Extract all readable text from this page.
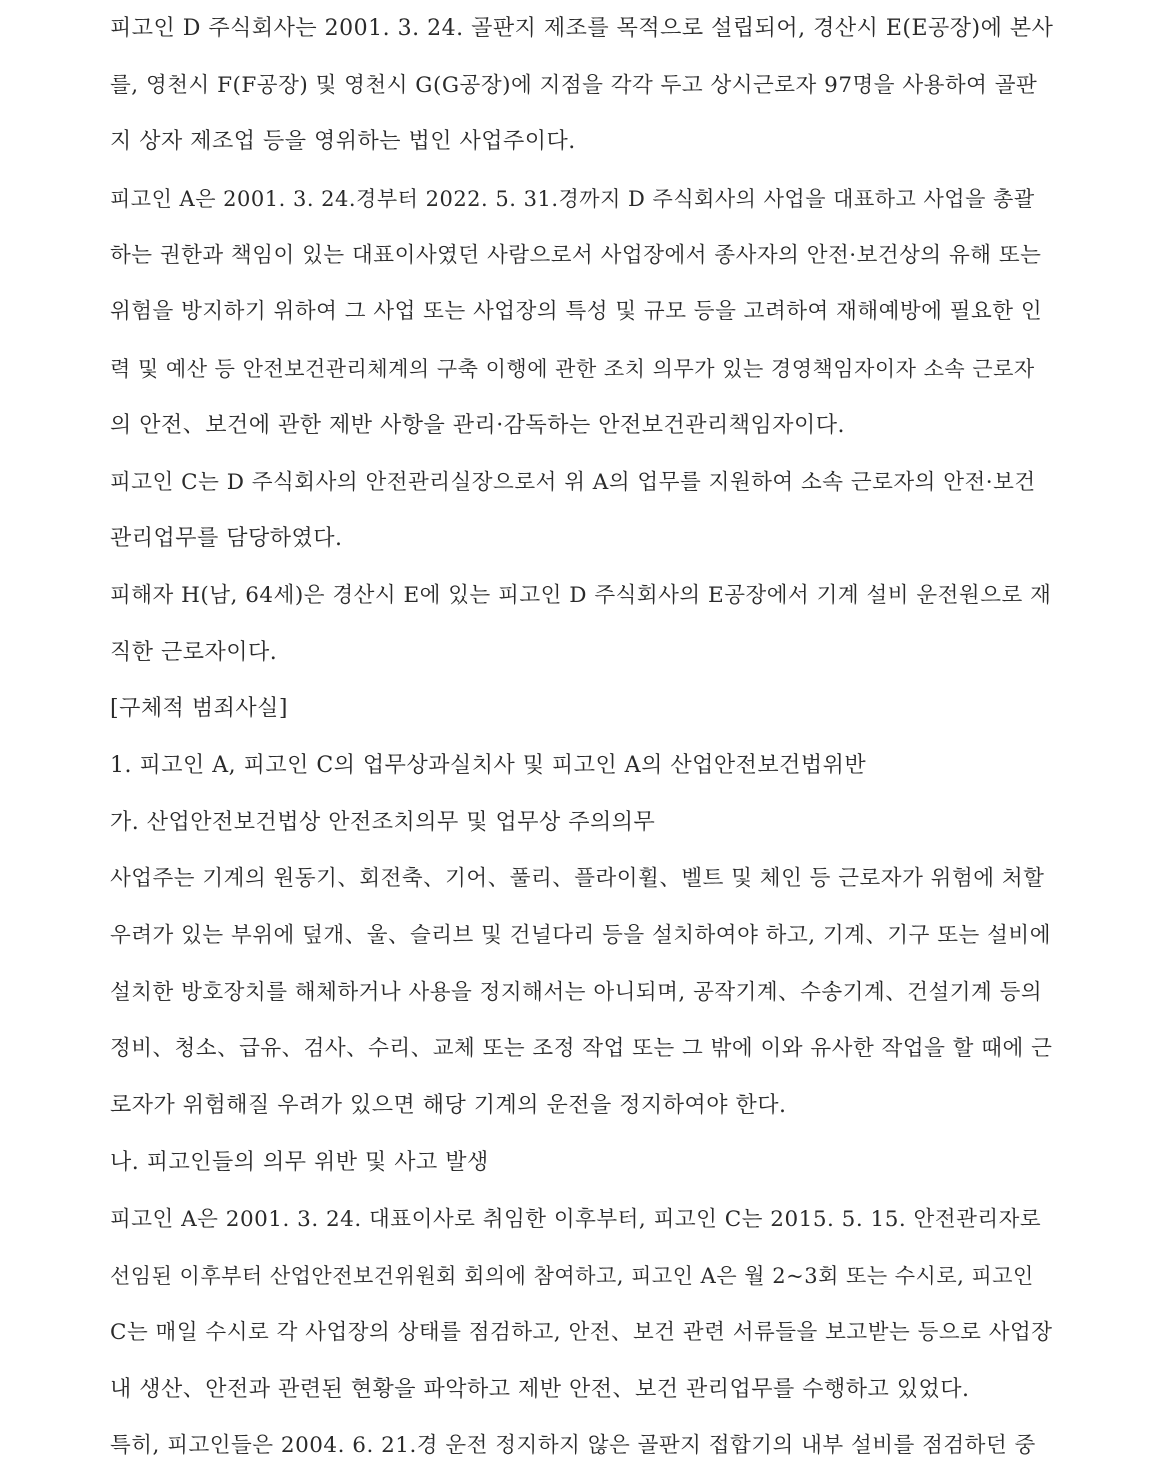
피고인 D 주식회사는 2001. 3. 24. 골판지 제조를 목적으로 설립되어, 경산시 E(E공장)에 본사
를, 영천시 F(F공장) 및 영천시 G(G공장)에 지점을 각각 두고 상시근로자 97명을 사용하여 골판
지 상자 제조업 등을 영위하는 법인 사업주이다.
피고인 A은 2001. 3. 24.경부터 2022. 5. 31.경까지 D 주식회사의 사업을 대표하고 사업을 총괄
하는 권한과 책임이 있는 대표이사였던 사람으로서 사업장에서 종사자의 안전·보건상의 유해 또는
위험을 방지하기 위하여 그 사업 또는 사업장의 특성 및 규모 등을 고려하여 재해예방에 필요한 인
력 및 예산 등 안전보건관리체계의 구축 이행에 관한 조치 의무가 있는 경영책임자이자 소속 근로자
의 안전、보건에 관한 제반 사항을 관리·감독하는 안전보건관리책임자이다.
피고인 C는 D 주식회사의 안전관리실장으로서 위 A의 업무를 지원하여 소속 근로자의 안전·보건
관리업무를 담당하였다.
피해자 H(남, 64세)은 경산시 E에 있는 피고인 D 주식회사의 E공장에서 기계 설비 운전원으로 재
직한 근로자이다.
[구체적 범죄사실]
1. 피고인 A, 피고인 C의 업무상과실치사 및 피고인 A의 산업안전보건법위반
가. 산업안전보건법상 안전조치의무 및 업무상 주의의무
사업주는 기계의 원동기、회전축、기어、풀리、플라이휠、벨트 및 체인 등 근로자가 위험에 처할
우려가 있는 부위에 덮개、울、슬리브 및 건널다리 등을 설치하여야 하고, 기계、기구 또는 설비에
설치한 방호장치를 해체하거나 사용을 정지해서는 아니되며, 공작기계、수송기계、건설기계 등의
정비、청소、급유、검사、수리、교체 또는 조정 작업 또는 그 밖에 이와 유사한 작업을 할 때에 근
로자가 위험해질 우려가 있으면 해당 기계의 운전을 정지하여야 한다.
나. 피고인들의 의무 위반 및 사고 발생
피고인 A은 2001. 3. 24. 대표이사로 취임한 이후부터, 피고인 C는 2015. 5. 15. 안전관리자로
선임된 이후부터 산업안전보건위원회 회의에 참여하고, 피고인 A은 월 2~3회 또는 수시로, 피고인
C는 매일 수시로 각 사업장의 상태를 점검하고, 안전、보건 관련 서류들을 보고받는 등으로 사업장
내 생산、안전과 관련된 현황을 파악하고 제반 안전、보건 관리업무를 수행하고 있었다.
특히, 피고인들은 2004. 6. 21.경 운전 정지하지 않은 골판지 접합기의 내부 설비를 점검하던 중
